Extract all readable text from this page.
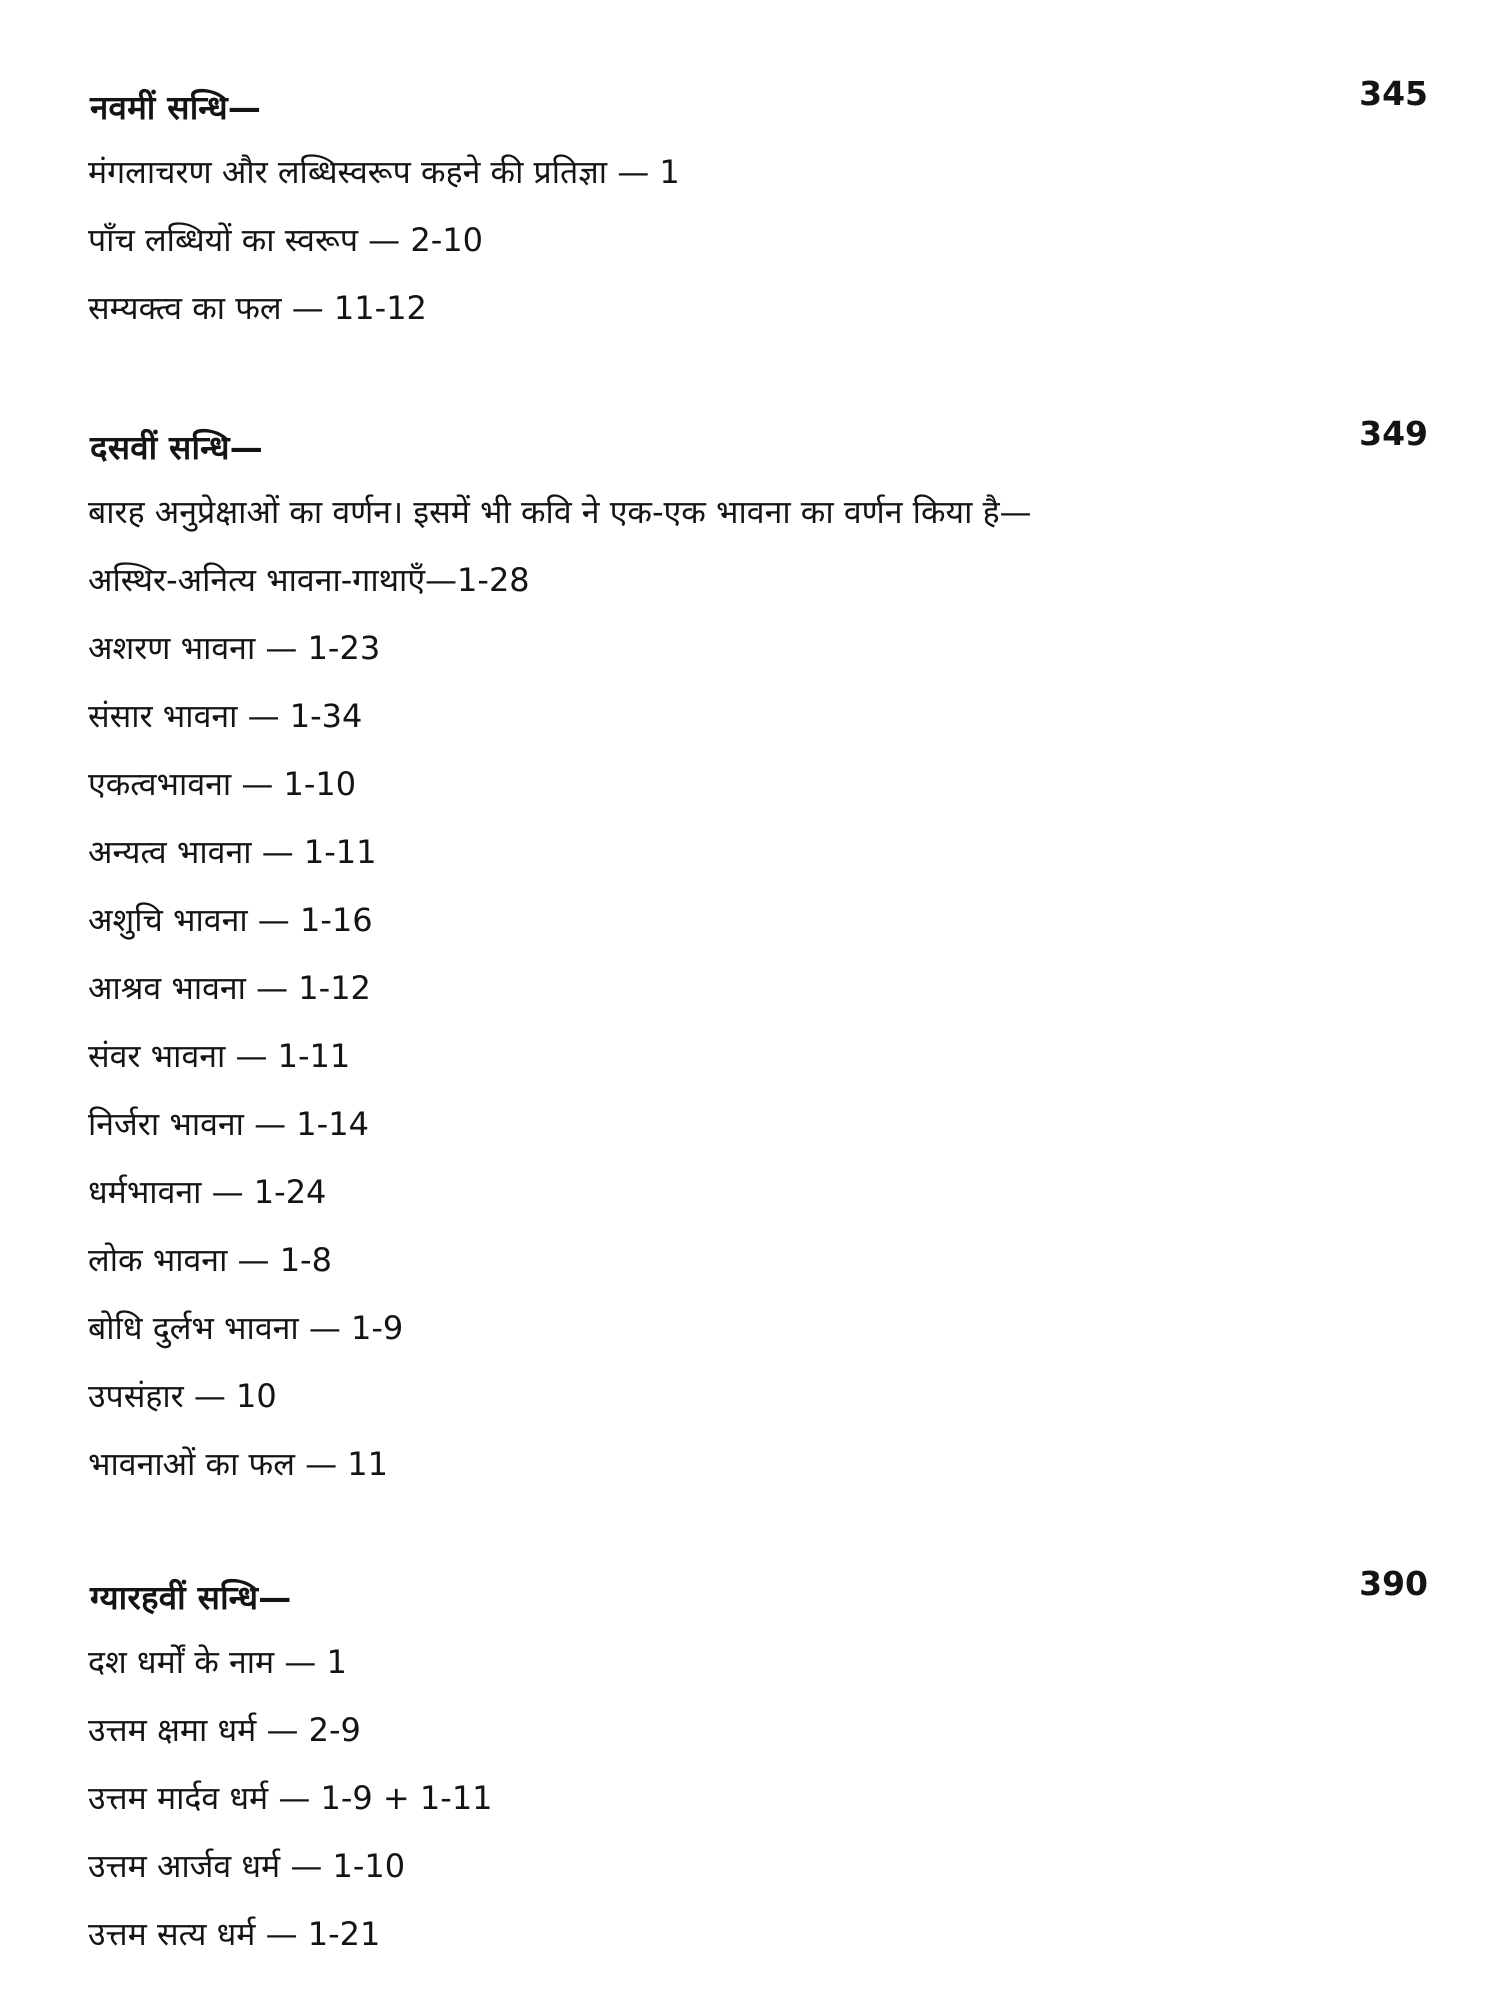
नवमीं सन्धि—	345
मंगलाचरण और लब्धिस्वरूप कहने की प्रतिज्ञा — 1
पाँच लब्धियों का स्वरूप — 2-10
सम्यक्त्व का फल — 11-12
दसवीं सन्धि—	349
बारह अनुप्रेक्षाओं का वर्णन। इसमें भी कवि ने एक-एक भावना का वर्णन किया है—
अस्थिर-अनित्य भावना-गाथाएँ—1-28
अशरण भावना — 1-23
संसार भावना — 1-34
एकत्वभावना — 1-10
अन्यत्व भावना — 1-11
अशुचि भावना — 1-16
आश्रव भावना — 1-12
संवर भावना — 1-11
निर्जरा भावना — 1-14
धर्मभावना — 1-24
लोक भावना — 1-8
बोधि दुर्लभ भावना — 1-9
उपसंहार — 10
भावनाओं का फल — 11
ग्यारहवीं सन्धि—	390
दश धर्मों के नाम — 1
उत्तम क्षमा धर्म — 2-9
उत्तम मार्दव धर्म — 1-9 + 1-11
उत्तम आर्जव धर्म — 1-10
उत्तम सत्य धर्म — 1-21
